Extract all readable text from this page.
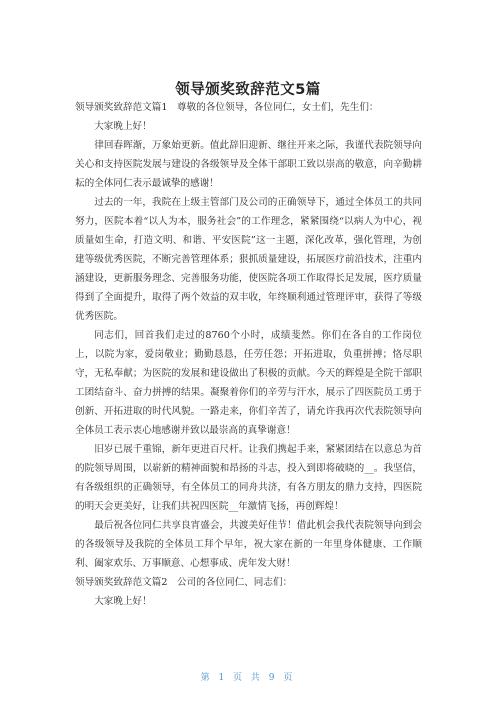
领导颁奖致辞范文5篇

领导颁奖致辞范文篇1　尊敬的各位领导，各位同仁，女士们，先生们：

大家晚上好！

律回春晖渐，万象始更新。值此辞旧迎新、继往开来之际，我谨代表院领导向关心和支持医院发展与建设的各级领导及全体干部职工致以崇高的敬意，向辛勤耕耘的全体同仁表示最诚挚的感谢！

过去的一年，我院在上级主管部门及公司的正确领导下，通过全体员工的共同努力，医院本着“以人为本，服务社会”的工作理念，紧紧围绕“以病人为中心，视质量如生命，打造文明、和谐、平安医院”这一主题，深化改革，强化管理，为创建等级优秀医院，不断完善管理体系；狠抓质量建设，拓展医疗前沿技术，注重内涵建设，更新服务理念、完善服务功能，使医院各项工作取得长足发展，医疗质量得到了全面提升，取得了两个效益的双丰收，年终顺利通过管理评审，获得了等级优秀医院。

同志们，回首我们走过的8760个小时，成绩斐然。你们在各自的工作岗位上，以院为家，爱岗敬业；勤勤恳恳，任劳任怨；开拓进取，负重拼搏；恪尽职守，无私奉献；为医院的发展和建设做出了积极的贡献。今天的辉煌是全院干部职工团结奋斗、奋力拼搏的结果。凝聚着你们的辛劳与汗水，展示了四医院员工勇于创新、开拓进取的时代风貌。一路走来，你们辛苦了，请允许我再次代表院领导向全体员工表示衷心地感谢并致以最崇高的真挚谢意！

旧岁已展千重锦，新年更进百尺杆。让我们携起手来，紧紧团结在以意总为首的院领导周围，以崭新的精神面貌和昂扬的斗志，投入到即将破晓的__。我坚信，有各级组织的正确领导，有全体员工的同舟共济，有各方朋友的鼎力支持，四医院的明天会更美好，让我们共祝四医院__年激情飞扬，再创辉煌！

最后祝各位同仁共享良宵盛会，共渡美好佳节！借此机会我代表院领导向到会的各级领导及我院的全体员工拜个早年，祝大家在新的一年里身体健康、工作顺利、阖家欢乐、万事顺意、心想事成、虎年发大财！

领导颁奖致辞范文篇2　公司的各位同仁、同志们：

大家晚上好！

第 1 页 共 9 页
